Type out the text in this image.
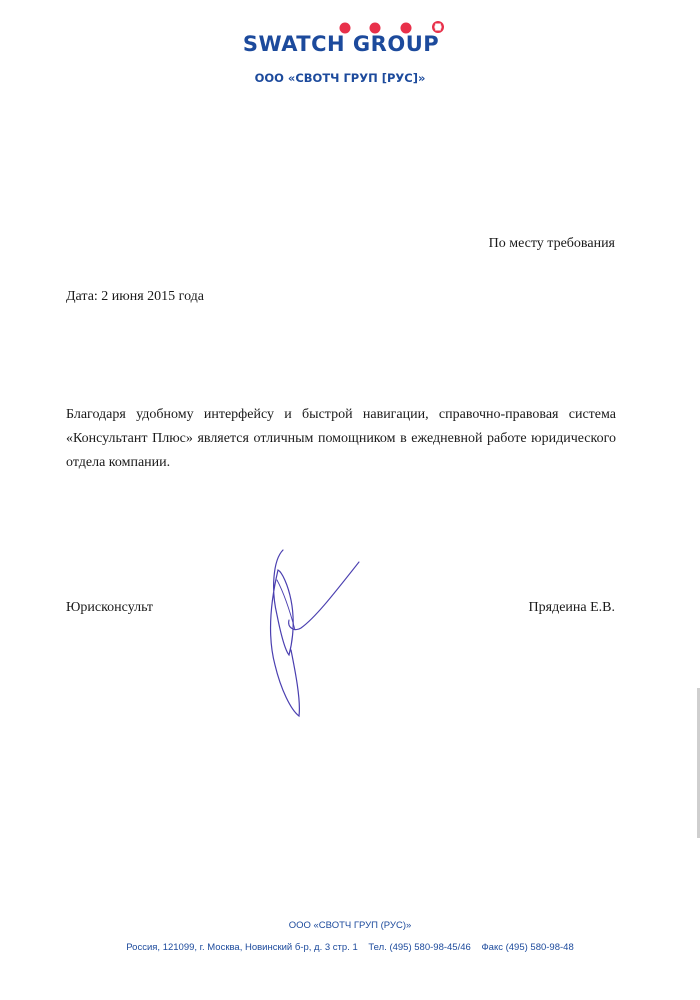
SWATCH GROUP
ООО «СВОТЧ ГРУП [РУС]»
По месту требования
Дата: 2 июня 2015 года
Благодаря удобному интерфейсу и быстрой навигации, справочно-правовая система «Консультант Плюс» является отличным помощником в ежедневной работе юридического отдела компании.
Юрисконсульт	Прядеина Е.В.
ООО «СВОТЧ ГРУП (РУС)»
Россия, 121099, г. Москва, Новинский б-р, д. 3 стр. 1 Тел. (495) 580-98-45/46 Факс (495) 580-98-48
